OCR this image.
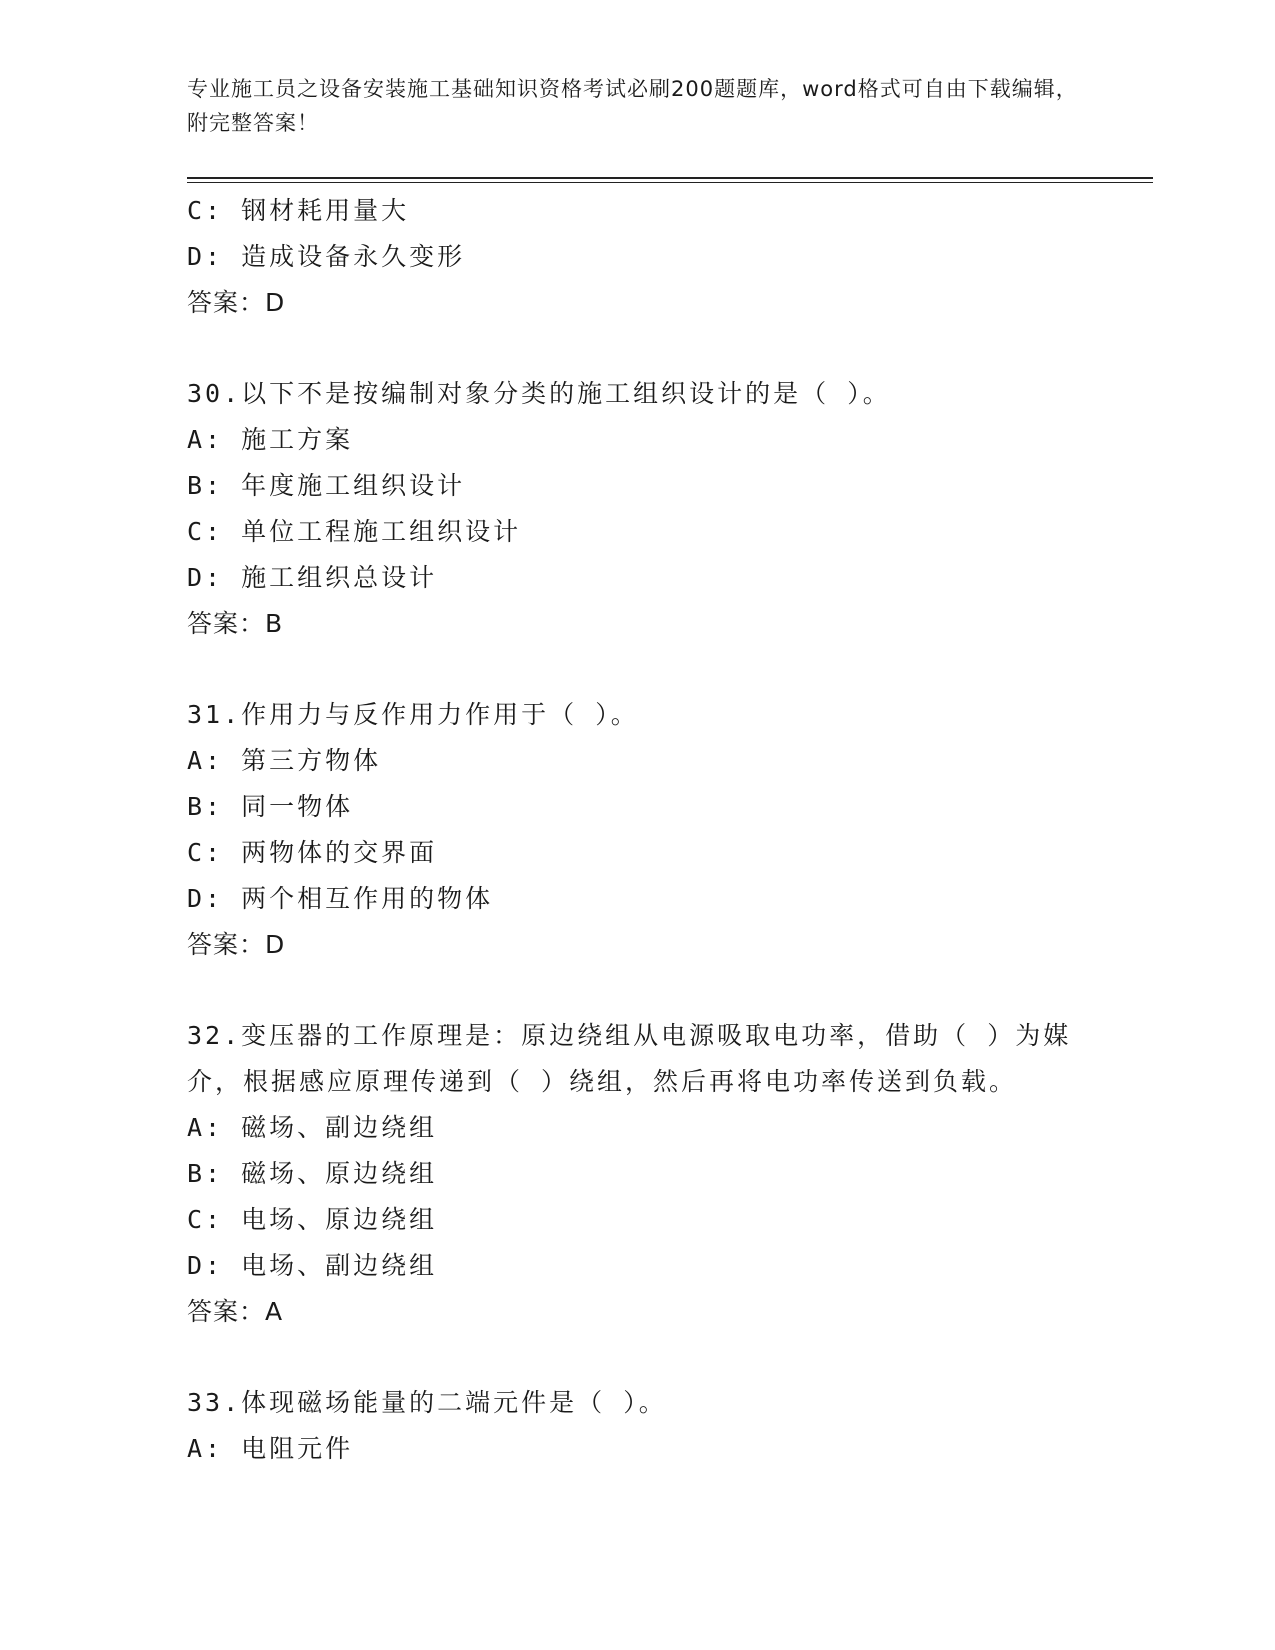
专业施工员之设备安装施工基础知识资格考试必刷200题题库，word格式可自由下载编辑，附完整答案！
C: 钢材耗用量大
D: 造成设备永久变形
答案：D
30.以下不是按编制对象分类的施工组织设计的是（ ）。
A: 施工方案
B: 年度施工组织设计
C: 单位工程施工组织设计
D: 施工组织总设计
答案：B
31.作用力与反作用力作用于（ ）。
A: 第三方物体
B: 同一物体
C: 两物体的交界面
D: 两个相互作用的物体
答案：D
32.变压器的工作原理是：原边绕组从电源吸取电功率，借助（ ）为媒介，根据感应原理传递到（ ）绕组，然后再将电功率传送到负载。
A: 磁场、副边绕组
B: 磁场、原边绕组
C: 电场、原边绕组
D: 电场、副边绕组
答案：A
33.体现磁场能量的二端元件是（ ）。
A: 电阻元件
